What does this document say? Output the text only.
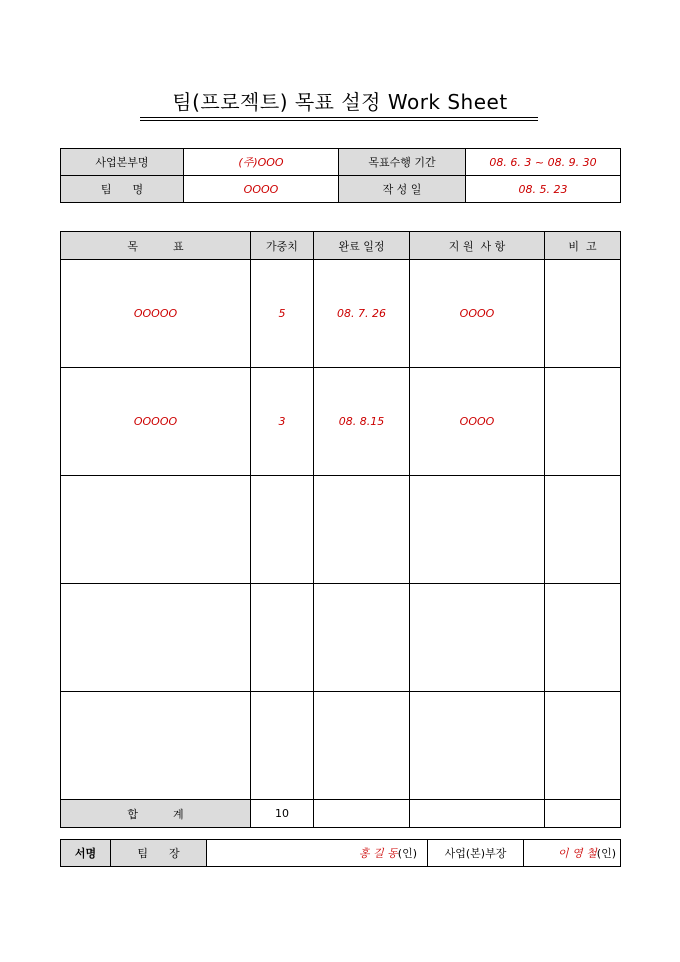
팀(프로젝트) 목표 설정 Work Sheet
사업본부명	(주)OOO	목표수행 기간	08. 6. 3 ~ 08. 9. 30
팀      명	OOOO	작 성 일	08. 5. 23
목          표	가중치	완료 일정	지 원  사 항	비  고
OOOOO	5	08. 7. 26	OOOO	
OOOOO	3	08. 8.15	OOOO	

합          계	10			
서명	팀      장	홍 길 동(인)	사업(본)부장	이 영 철(인)
